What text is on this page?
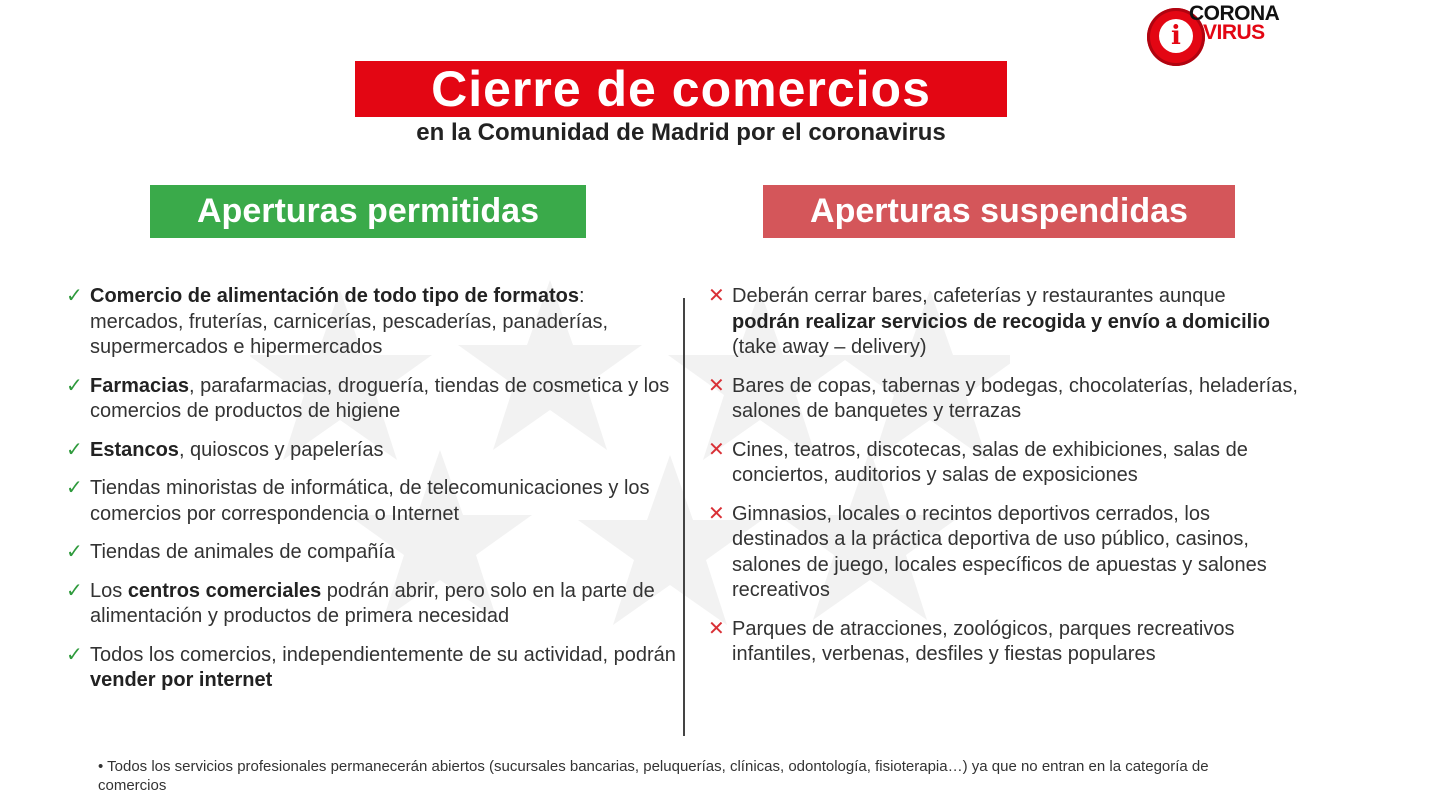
i
CORONA
VIRUS
Cierre de comercios
en la Comunidad de Madrid por el coronavirus
Aperturas permitidas	Aperturas suspendidas
✓ Comercio de alimentación de todo tipo de formatos: mercados, fruterías, carnicerías, pescaderías, panaderías, supermercados e hipermercados
✓ Farmacias, parafarmacias, droguería, tiendas de cosmetica y los comercios de productos de higiene
✓ Estancos, quioscos y papelerías
✓ Tiendas minoristas de informática, de telecomunicaciones y los comercios por correspondencia o Internet
✓ Tiendas de animales de compañía
✓ Los centros comerciales podrán abrir, pero solo en la parte de alimentación y productos de primera necesidad
✓ Todos los comercios, independientemente de su actividad, podrán vender por internet
✕ Deberán cerrar bares, cafeterías y restaurantes aunque podrán realizar servicios de recogida y envío a domicilio (take away – delivery)
✕ Bares de copas, tabernas y bodegas, chocolaterías, heladerías, salones de banquetes y terrazas
✕ Cines, teatros, discotecas, salas de exhibiciones, salas de conciertos, auditorios y salas de exposiciones
✕ Gimnasios, locales o recintos deportivos cerrados, los destinados a la práctica deportiva de uso público, casinos, salones de juego, locales específicos de apuestas y salones recreativos
✕ Parques de atracciones, zoológicos, parques recreativos infantiles, verbenas, desfiles y fiestas populares
• Todos los servicios profesionales permanecerán abiertos (sucursales bancarias, peluquerías, clínicas, odontología, fisioterapia…) ya que no entran en la categoría de comercios
